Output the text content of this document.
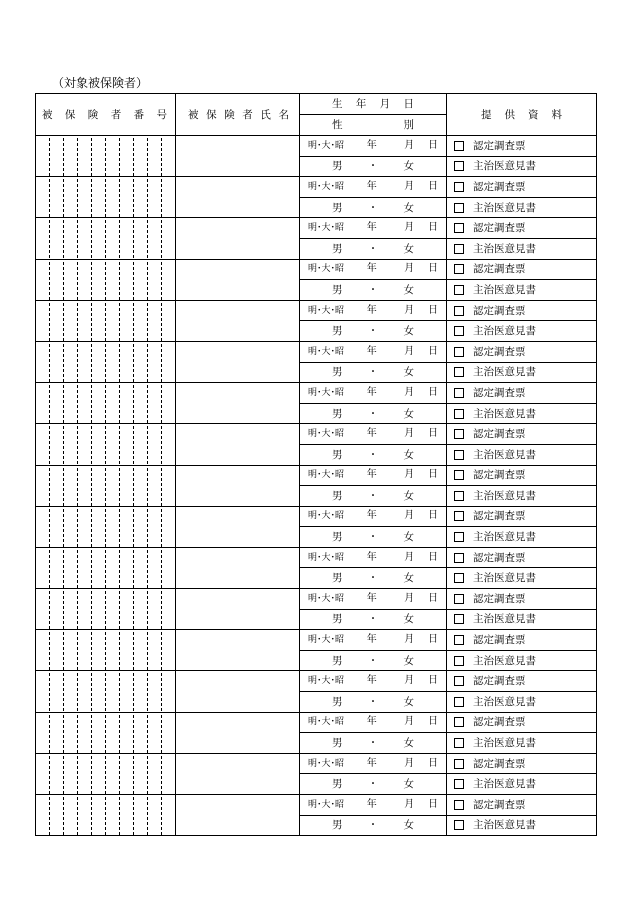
（対象被保険者）
被 保 険 者 番 号	被 保 険 者 氏 名	生 年 月 日	提 供 資 料

		性 別	

		明･大･昭 年 月 日	認定調査票

		男 ・ 女	主治医意見書

		明･大･昭 年 月 日	認定調査票

		男 ・ 女	主治医意見書

		明･大･昭 年 月 日	認定調査票

		男 ・ 女	主治医意見書

		明･大･昭 年 月 日	認定調査票

		男 ・ 女	主治医意見書

		明･大･昭 年 月 日	認定調査票

		男 ・ 女	主治医意見書

		明･大･昭 年 月 日	認定調査票

		男 ・ 女	主治医意見書

		明･大･昭 年 月 日	認定調査票

		男 ・ 女	主治医意見書

		明･大･昭 年 月 日	認定調査票

		男 ・ 女	主治医意見書

		明･大･昭 年 月 日	認定調査票

		男 ・ 女	主治医意見書

		明･大･昭 年 月 日	認定調査票

		男 ・ 女	主治医意見書

		明･大･昭 年 月 日	認定調査票

		男 ・ 女	主治医意見書

		明･大･昭 年 月 日	認定調査票

		男 ・ 女	主治医意見書

		明･大･昭 年 月 日	認定調査票

		男 ・ 女	主治医意見書

		明･大･昭 年 月 日	認定調査票

		男 ・ 女	主治医意見書

		明･大･昭 年 月 日	認定調査票

		男 ・ 女	主治医意見書

		明･大･昭 年 月 日	認定調査票

		男 ・ 女	主治医意見書

		明･大･昭 年 月 日	認定調査票

		男 ・ 女	主治医意見書
